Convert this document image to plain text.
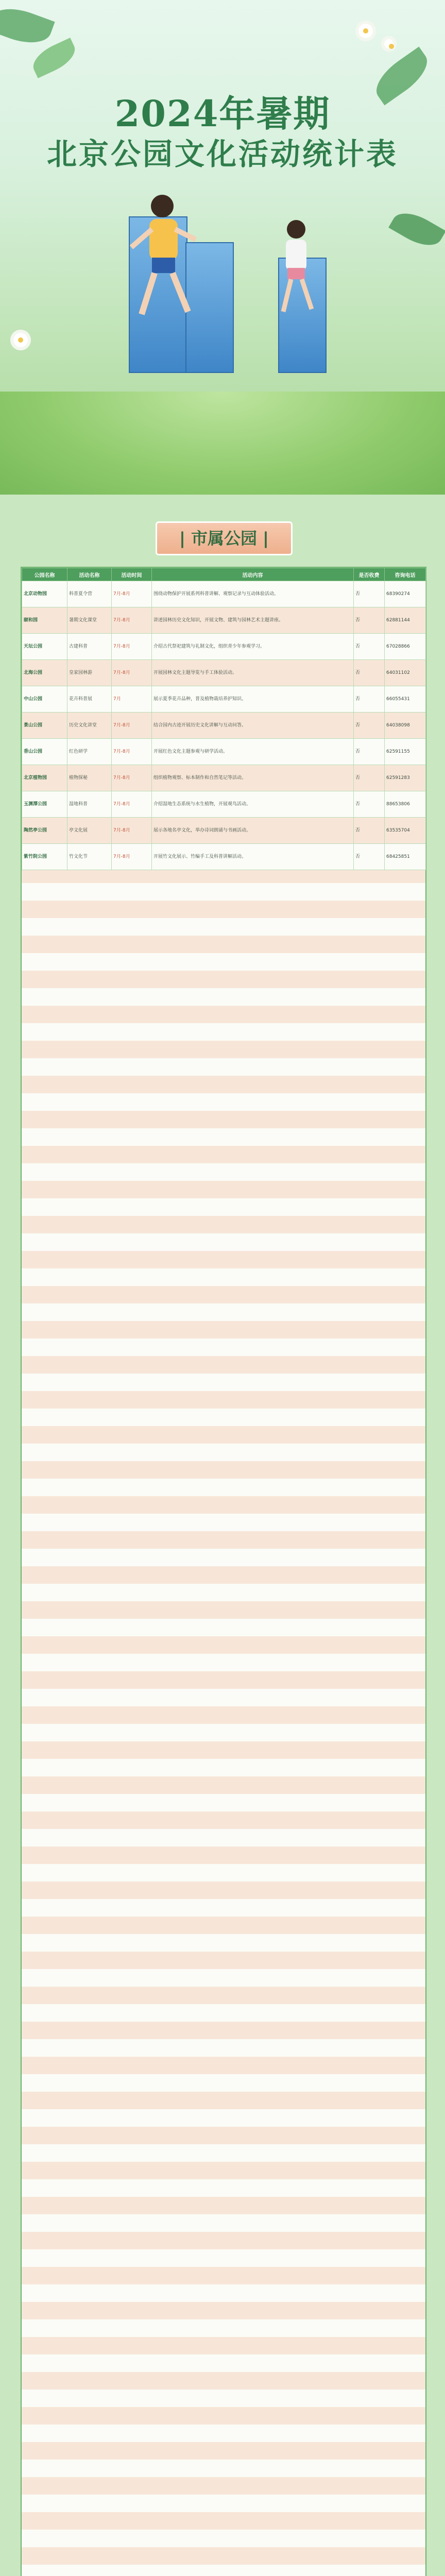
2024年暑期
北京公园文化活动统计表
| 市属公园 |
公园名称	活动名称	活动时间	活动内容	是否收费	咨询电话
北京动物园	科普夏令营	7月-8月	围绕动物保护开展系列科普讲解、观察记录与互动体验活动。	否	68390274
颐和园	暑期文化课堂	7月-8月	讲述园林历史文化知识，开展文物、建筑与园林艺术主题讲座。	否	62881144
天坛公园	古建科普	7月-8月	介绍古代祭祀建筑与礼制文化，组织青少年参观学习。	否	67028866
北海公园	皇家园林游	7月-8月	开展园林文化主题导览与手工体验活动。	否	64031102
中山公园	花卉科普展	7月	展示夏季花卉品种，普及植物栽培养护知识。	否	66055431
景山公园	历史文化讲堂	7月-8月	结合园内古迹开展历史文化讲解与互动问答。	否	64038098
香山公园	红色研学	7月-8月	开展红色文化主题参观与研学活动。	否	62591155
北京植物园	植物探秘	7月-8月	组织植物观察、标本制作和自然笔记等活动。	否	62591283
玉渊潭公园	湿地科普	7月-8月	介绍湿地生态系统与水生植物，开展观鸟活动。	否	88653806
陶然亭公园	亭文化展	7月-8月	展示各地名亭文化，举办诗词朗诵与书画活动。	否	63535704
紫竹院公园	竹文化节	7月-8月	开展竹文化展示、竹编手工及科普讲解活动。	否	68425851
